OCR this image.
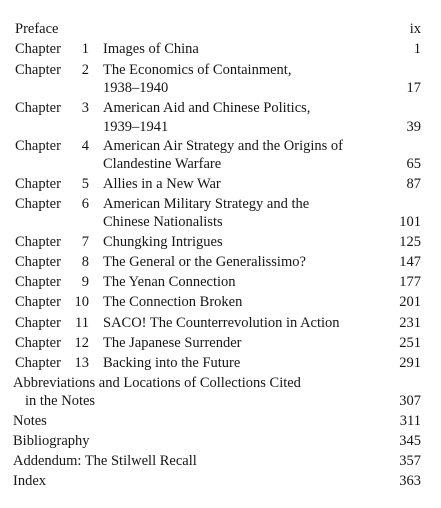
Preface	ix
Chapter	1 Images of China	1
Chapter	2 The Economics of Containment,
1938–1940	17
Chapter	3 American Aid and Chinese Politics,
1939–1941	39
Chapter	4 American Air Strategy and the Origins of
Clandestine Warfare	65
Chapter	5 Allies in a New War	87
Chapter	6 American Military Strategy and the
Chinese Nationalists	101
Chapter	7 Chungking Intrigues	125
Chapter	8 The General or the Generalissimo?	147
Chapter	9 The Yenan Connection	177
Chapter 10 The Connection Broken	201
Chapter 11 SACO! The Counterrevolution in Action	231
Chapter 12 The Japanese Surrender	251
Chapter 13 Backing into the Future	291
Abbreviations and Locations of Collections Cited
in the Notes	307
Notes	311
Bibliography	345
Addendum: The Stilwell Recall	357
Index	363
